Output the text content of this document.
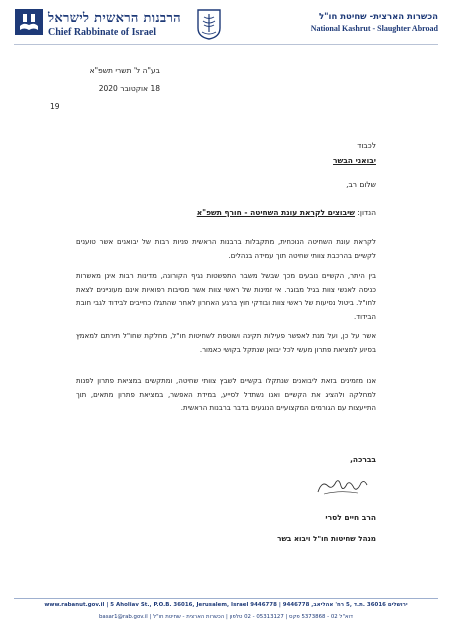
הכשרות הארצית- שחיטת חו"ל
National Kashrut - Slaughter Abroad
הרבנות הראשית לישראל
Chief Rabbinate of Israel
בע"ה ל' תשרי תשפ"א
18 אוקטובר 2020
19
לכבוד
יבואני הבשר
שלום רב,
הנדון: שיבוצים לקראת עונת השחיטה - חורף תשפ"א
לקראת עונת השחיטה הנוכחית, מתקבלות ברבנות הראשית פניות רבות של יבואנים אשר טוענים לקשיים בהרכבת צוותי שחיטה תוך עמידה בנהלים.
בין היתר, הקשיים נובעים מכך שבשל משבר התפשטות נגיף הקורונה, מדינות רבות אינן מאשרות כניסה לאנשי צוות בגיל מבוגר. אי זמינות של ראשי צוות אשר מסיבות רפואיות אינם מעוניינים לצאת לחו"ל. ביטול נסיעות של ראשי צוות ובודקי חוץ ברגע האחרון לאחר שהתגלו כחייבים לבידוד לגבי חובת הבידוד.
אשר על כן, ועל מנת לאפשר פעילות תקינה ושוטפת לשחיטות חו"ל, מחלקת שחו"ל תירתם למאמץ בסיוע למציאת פתרון מעשי לכל יבואן שנתקל בקושי כאמור.
אנו מזמינים בזאת ליבואנים שנתקלו בקשיים לשבץ צוותי שחיטה, ומתקשים במציאת פתרון לפנות למחלקה ולהציג את הקשיים ואנו נשתדל לסייע, במידת האפשר, במציאת פתרון מתאים, תוך התייעצות עם הגורמים המקצועיים הנוגעים בדבר ברבנות הראשית.
בברכה,
הרב חיים לסרי
מנהל שחיטות חו"ל ויבוא בשר
www.rabanut.gov.il | 5 Aholiav St., P.O.B. 36016, Jerusalem, Israel 9446778 | 9446778 ,ירושלים 36016 .ת.ד ,5 רח' אהליאב
basar1@rab.gov.il | דוא"ל 02 - 5373868 פקס | 05313127 - 02 טלפון | הכשרות הארצית - שחיטת חו"ל
